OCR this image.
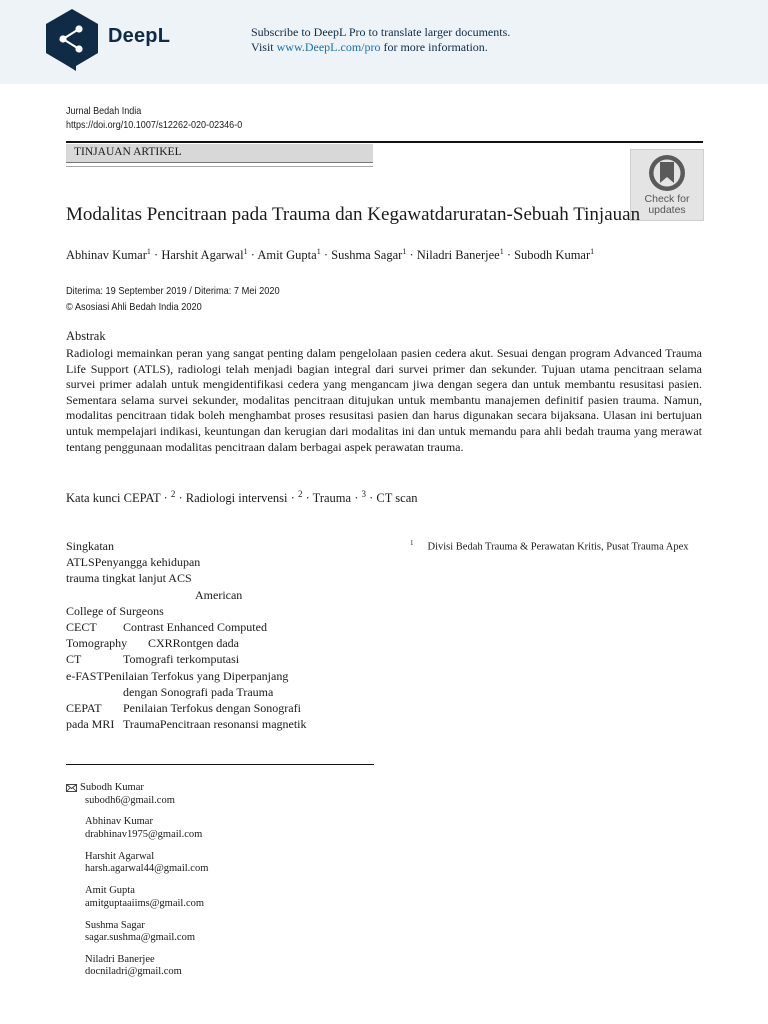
DeepL	Subscribe to DeepL Pro to translate larger documents.
Visit www.DeepL.com/pro for more information.
Jurnal Bedah India
https://doi.org/10.1007/s12262-020-02346-0
TINJAUAN ARTIKEL
Check for
updates
Modalitas Pencitraan pada Trauma dan Kegawatdaruratan-Sebuah Tinjauan
Abhinav Kumar$^1$ · Harshit Agarwal$^1$ · Amit Gupta$^1$ · Sushma Sagar$^1$ · Niladri Banerjee$^1$ · Subodh Kumar$^1$
Diterima: 19 September 2019 / Diterima: 7 Mei 2020
© Asosiasi Ahli Bedah India 2020
Abstrak
Radiologi memainkan peran yang sangat penting dalam pengelolaan pasien cedera akut. Sesuai dengan program Advanced Trauma Life Support (ATLS), radiologi telah menjadi bagian integral dari survei primer dan sekunder. Tujuan utama pencitraan selama survei primer adalah untuk mengidentifikasi cedera yang mengancam jiwa dengan segera dan untuk membantu resusitasi pasien. Sementara selama survei sekunder, modalitas pencitraan ditujukan untuk membantu manajemen definitif pasien trauma. Namun, modalitas pencitraan tidak boleh menghambat proses resusitasi pasien dan harus digunakan secara bijaksana. Ulasan ini bertujuan untuk mempelajari indikasi, keuntungan dan kerugian dari modalitas ini dan untuk memandu para ahli bedah trauma yang merawat tentang penggunaan modalitas pencitraan dalam berbagai aspek perawatan trauma.
Kata kunci CEPAT · $^2$ · Radiologi intervensi · $^2$ · Trauma · $^3$ · CT scan
$^1$ Divisi Bedah Trauma & Perawatan Kritis, Pusat Trauma Apex
Singkatan
ATLSPenyangga kehidupan
trauma tingkat lanjut ACS
American
College of Surgeons
CECT Contrast Enhanced Computed
Tomography CXRRontgen dada
CT	Tomografi terkomputasi
e-FASTPenilaian Terfokus yang Diperpanjang
dengan Sonografi pada Trauma
CEPAT Penilaian Terfokus dengan Sonografi
pada MRI TraumaPencitraan resonansi magnetik
Subodh Kumar
subodh6@gmail.com
Abhinav Kumar
drabhinav1975@gmail.com
Harshit Agarwal
harsh.agarwal44@gmail.com
Amit Gupta
amitguptaaiims@gmail.com
Sushma Sagar
sagar.sushma@gmail.com
Niladri Banerjee
docniladri@gmail.com
